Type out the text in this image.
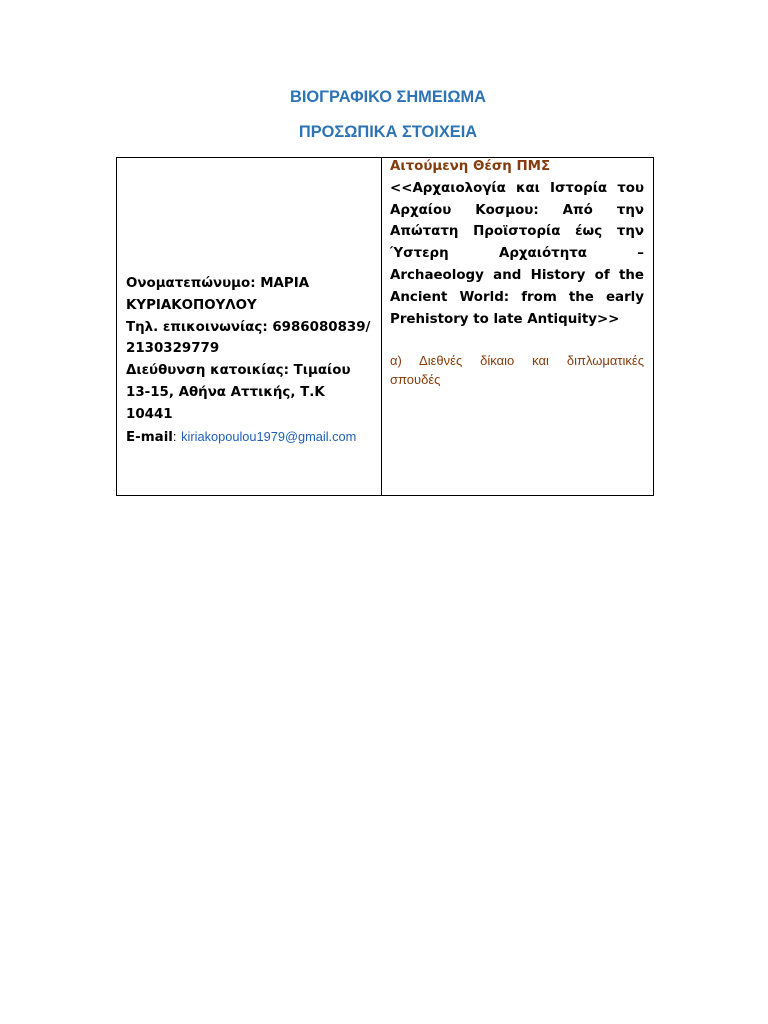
ΒΙΟΓΡΑΦΙΚΟ ΣΗΜΕΙΩΜΑ
ΠΡΟΣΩΠΙΚΑ ΣΤΟΙΧΕΙΑ
Ονοματεπώνυμο: ΜΑΡΙΑ
ΚΥΡΙΑΚΟΠΟΥΛΟΥ
Τηλ. επικοινωνίας: 6986080839/
2130329779
Διεύθυνση κατοικίας: Τιμαίου
13-15, Αθήνα Αττικής, Τ.Κ
10441
E-mail: kiriakopoulou1979@gmail.com
Αιτούμενη Θέση ΠΜΣ
<<Αρχαιολογία και Ιστορία του
Αρχαίου Κοσμου: Από την
Απώτατη Προϊστορία έως την
Ύστερη Αρχαιότητα –
Archaeology and History of the
Ancient World: from the early
Prehistory to late Antiquity>>
α) Διεθνές δίκαιο και διπλωματικές
σπουδές
